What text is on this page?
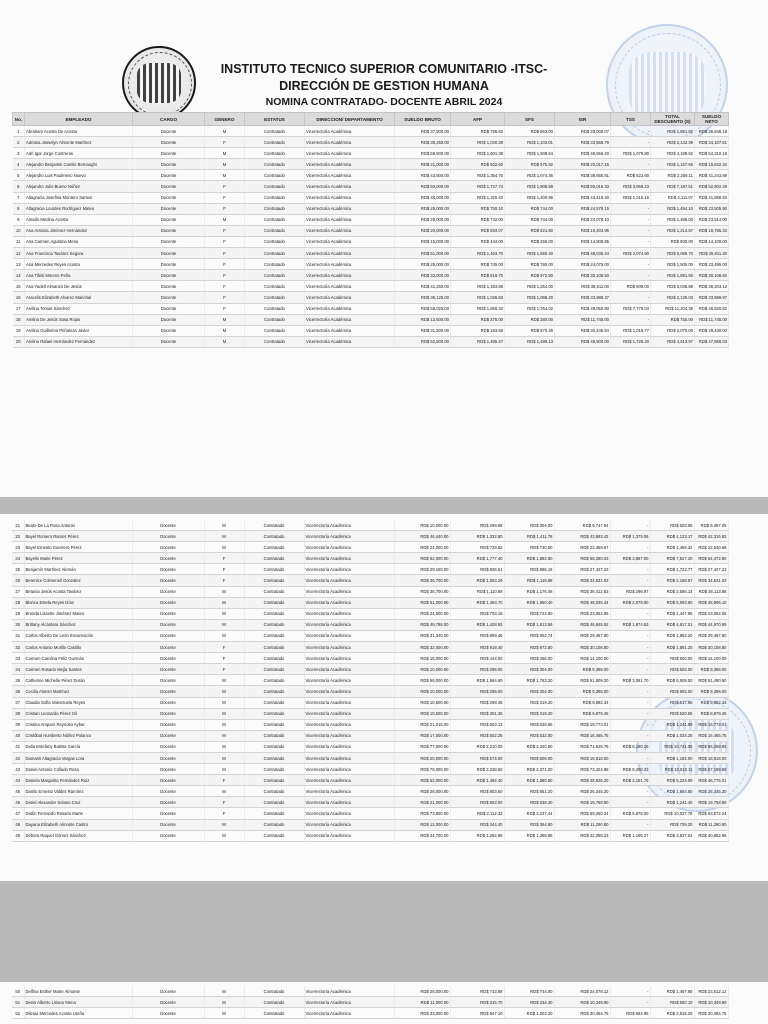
INSTITUTO TECNICO SUPERIOR COMUNITARIO -ITSC-
DIRECCIÓN DE GESTION HUMANA
NOMINA CONTRATADO- DOCENTE ABRIL 2024
No.	EMPLEADO	CARGO	GENERO	ESTATUS	DIRECCION/ DEPARTAMENTO	SUELDO BRUTO	AFP	SFS	ISR	TSS	TOTAL DESCUENTO (S)	SUELDO NETO
1	Abraham Acosta De Acosta	Docente	M	Contratado	Vicerrectoría Académica	RD$ 37,500.00	RD$ 788.82	RD$ 863.00	RD$ 29,000.07	-	RD$ 1,651.82	RD$ 35,848.18
2	Adriana Josselyn Almonte Martínez	Docente	F	Contratado	Vicerrectoría Académica	RD$ 36,250.00	RD$ 1,040.38	RD$ 1,102.01	RD$ 33,566.79	-	RD$ 2,142.39	RD$ 34,107.61
3	Adri Igor Jorge Contreras	Docente	M	Contratado	Vicerrectoría Académica	RD$ 58,500.00	RD$ 1,601.38	RD$ 1,508.64	RD$ 48,556.40	RD$ 1,079.80	RD$ 4,189.82	RD$ 54,310.18
4	Alejandro Benjamin Camilo Bernaughi	Docente	M	Contratado	Vicerrectoría Académica	RD$ 21,000.00	RD$ 602.60	RD$ 575.92	RD$ 20,017.15	-	RD$ 1,157.66	RD$ 19,842.34
5	Alejandro Luis Paulmeno Nuevo	Docente	M	Contratado	Vicerrectoría Académica	RD$ 43,500.00	RD$ 1,354.75	RD$ 1,074.36	RD$ 38,660.81	RD$ 622.60	RD$ 2,256.11	RD$ 41,243.89
6	Alejandro Julio Bueno Núñez	Docente	F	Contratado	Vicerrectoría Académica	RD$ 60,000.00	RD$ 1,727.74	RD$ 1,808.58	RD$ 50,016.33	RD$ 3,859.23	RD$ 7,197.51	RD$ 52,802.49
7	Altagracia Josefina Montero Santos	Docente	F	Contratado	Vicerrectoría Académica	RD$ 46,000.00	RD$ 1,320.40	RD$ 1,400.96	RD$ 43,418.40	RD$ 1,315.16	RD$ 4,111.07	RD$ 41,888.93
8	Altagracia Lourdes Rodríguez Mateo	Docente	F	Contratado	Vicerrectoría Académica	RD$ 25,000.00	RD$ 750.10	RD$ 744.00	RD$ 24,578.15	-	RD$ 1,494.10	RD$ 23,505.90
9	Amado Medina Acosta	Docente	M	Contratado	Vicerrectoría Académica	RD$ 25,000.00	RD$ 742.00	RD$ 744.00	RD$ 24,078.10	-	RD$ 1,486.00	RD$ 23,514.00
10	Ana Antonia Jiménez Hernández	Docente	F	Contratado	Vicerrectoría Académica	RD$ 20,000.00	RD$ 593.07	RD$ 621.60	RD$ 19,403.95	-	RD$ 1,214.67	RD$ 18,785.33
11	Ana Carmen Agustina Mesa	Docente	F	Contratado	Vicerrectoría Académica	RD$ 15,000.00	RD$ 444.00	RD$ 456.00	RD$ 14,808.95	-	RD$ 900.00	RD$ 14,100.00
12	Ana Francisca Tavárez Segura	Docente	F	Contratado	Vicerrectoría Académica	RD$ 51,000.00	RD$ 1,463.70	RD$ 1,550.40	RD$ 48,035.44	RD$ 2,074.60	RD$ 5,088.70	RD$ 45,911.30
13	Ana Mercedes Reyes Acosta	Docente	F	Contratado	Vicerrectoría Académica	RD$ 25,000.00	RD$ 745.00	RD$ 760.00	RD$ 24,075.00	-	RD$ 1,505.00	RD$ 23,495.00
14	Ana Tibisi Moreno Peña	Docente	F	Contratado	Vicerrectoría Académica	RD$ 32,000.00	RD$ 918.70	RD$ 972.80	RD$ 30,108.50	-	RD$ 1,891.50	RD$ 30,108.50
15	Ana Yadell Almanzo De Jesús	Docente	F	Contratado	Vicerrectoría Académica	RD$ 41,250.00	RD$ 1,183.88	RD$ 1,254.00	RD$ 38,811.00	RD$ 609.00	RD$ 3,046.88	RD$ 38,203.12
16	Aracelis Elizabeth Alvarez Marichal	Docente	F	Contratado	Vicerrectoría Académica	RD$ 36,125.00	RD$ 1,036.83	RD$ 1,098.20	RD$ 33,989.37	-	RD$ 2,135.03	RD$ 33,989.97
17	Arelina Tomas Sánchez	Docente	F	Contratado	Vicerrectoría Académica	RD$ 58,025.00	RD$ 1,665.32	RD$ 1,764.02	RD$ 49,050.90	RD$ 7,775.04	RD$ 11,204.38	RD$ 46,820.62
18	Arelino De Jesús Sosa Rojas	Docente	M	Contratado	Vicerrectoría Académica	RD$ 12,500.00	RD$ 375.00	RD$ 380.00	RD$ 11,745.00	-	RD$ 755.00	RD$ 11,745.00
19	Arelino Guillermo Peñaloza Javier	Docente	M	Contratado	Vicerrectoría Académica	RD$ 31,500.00	RD$ 183.68	RD$ 870.48	RD$ 30,445.84	RD$ 1,015.77	RD$ 2,070.00	RD$ 29,430.00
20	Arelino Rafael Hernández Fernández	Docente	M	Contratado	Vicerrectoría Académica	RD$ 52,500.00	RD$ 1,495.47	RD$ 1,486.13	RD$ 48,800.00	RD$ 1,728.20	RD$ 4,613.97	RD$ 47,880.03
21	Beato De La Rosa Antonio	Docente	M	Contratado	Vicerrectoría Académica	RD$ 10,000.00	RD$ 298.95	RD$ 304.00	RD$ 9,747.94	-	RD$ 602.95	RD$ 9,397.05
22	Bayel Romero Ramos Pérez	Docente	M	Contratado	Vicerrectoría Académica	RD$ 46,440.00	RD$ 1,332.80	RD$ 1,411.78	RD$ 43,693.42	RD$ 1,379.06	RD$ 4,123.17	RD$ 42,316.83
23	Bayel Ernesto Guerrero Pérez	Docente	M	Contratado	Vicerrectoría Académica	RD$ 24,000.00	RD$ 728.82	RD$ 730.50	RD$ 22,459.67	-	RD$ 1,459.32	RD$ 22,540.68
24	Bayelis Marie Pérez	Docente	F	Contratado	Vicerrectoría Académica	RD$ 62,000.00	RD$ 1,777.40	RD$ 1,882.80	RD$ 58,280.03	RD$ 3,867.00	RD$ 7,527.20	RD$ 54,472.80
25	Benjamín Martínez Alemán	Docente	F	Contratado	Vicerrectoría Académica	RD$ 29,150.00	RD$ 836.61	RD$ 886.16	RD$ 27,427.23	-	RD$ 1,722.77	RD$ 27,427.23
26	Berenice Colmenell Gonzalez	Docente	F	Contratado	Vicerrectoría Académica	RD$ 36,700.00	RD$ 1,053.29	RD$ 1,115.68	RD$ 34,531.03	-	RD$ 2,168.97	RD$ 34,531.03
27	Betania Jesús Acosta Tavárez	Docente	M	Contratado	Vicerrectoría Académica	RD$ 38,700.00	RD$ 1,110.69	RD$ 1,176.48	RD$ 36,412.83	RD$ 298.97	RD$ 2,586.14	RD$ 36,113.86
28	Blanca Estela Reyes Díaz	Docente	M	Contratado	Vicerrectoría Académica	RD$ 51,000.00	RD$ 1,463.70	RD$ 1,550.40	RD$ 48,035.44	RD$ 2,079.80	RD$ 5,093.90	RD$ 45,906.10
29	Brenda Lissette Jiménez Mateo	Docente	M	Contratado	Vicerrectoría Académica	RD$ 24,500.00	RD$ 703.15	RD$ 744.80	RD$ 23,052.05	-	RD$ 1,447.95	RD$ 23,052.05
30	Brittany Alcántara Sánchez	Docente	M	Contratado	Vicerrectoría Académica	RD$ 49,788.00	RD$ 1,428.92	RD$ 1,513.56	RD$ 46,845.52	RD$ 1,874.53	RD$ 4,817.01	RD$ 44,970.99
31	Carlos Alberto De León Encarnación	Docente	M	Contratado	Vicerrectoría Académica	RD$ 31,340.00	RD$ 899.46	RD$ 952.74	RD$ 29,487.80	-	RD$ 1,852.20	RD$ 29,487.80
32	Carlos Antonio Morillo Castillo	Docente	F	Contratado	Vicerrectoría Académica	RD$ 32,000.00	RD$ 918.40	RD$ 972.80	RD$ 30,108.80	-	RD$ 1,891.20	RD$ 30,108.80
33	Carmen Carolina Feliz Guzmán	Docente	F	Contratado	Vicerrectoría Académica	RD$ 15,000.00	RD$ 444.00	RD$ 456.00	RD$ 14,100.00	-	RD$ 900.00	RD$ 14,100.00
34	Carmen Rosario Mejía Santos	Docente	F	Contratado	Vicerrectoría Académica	RD$ 10,000.00	RD$ 298.00	RD$ 304.00	RD$ 9,398.00	-	RD$ 602.00	RD$ 9,398.00
35	Catherine Michelle Pérez Durán	Docente	M	Contratado	Vicerrectoría Académica	RD$ 58,000.00	RD$ 1,664.60	RD$ 1,763.20	RD$ 51,609.20	RD$ 3,081.70	RD$ 6,509.50	RD$ 51,490.50
36	Cecilia Alonso Martínez	Docente	M	Contratado	Vicerrectoría Académica	RD$ 10,000.00	RD$ 298.00	RD$ 304.00	RD$ 9,398.00	-	RD$ 602.00	RD$ 9,398.00
37	Claudia Sofía Valenzuela Reyes	Docente	M	Contratado	Vicerrectoría Académica	RD$ 10,500.00	RD$ 298.46	RD$ 319.20	RD$ 9,882.34	-	RD$ 617.66	RD$ 9,882.34
38	Cristian Leonardo Pérez Gil	Docente	M	Contratado	Vicerrectoría Académica	RD$ 10,500.00	RD$ 301.35	RD$ 319.20	RD$ 9,879.45	-	RD$ 620.55	RD$ 9,879.45
39	Cristina Amparo Reynoso Aybar	Docente	M	Contratado	Vicerrectoría Académica	RD$ 21,015.00	RD$ 603.13	RD$ 638.86	RD$ 19,773.01	-	RD$ 1,241.99	RD$ 19,773.01
40	Cristóbal Humberto Núñez Polanco	Docente	M	Contratado	Vicerrectoría Académica	RD$ 17,500.00	RD$ 502.25	RD$ 532.00	RD$ 16,465.75	-	RD$ 1,034.25	RD$ 16,465.75
41	Dalia Estefany Batista García	Docente	M	Contratado	Vicerrectoría Académica	RD$ 77,000.00	RD$ 2,210.00	RD$ 2,340.80	RD$ 71,628.75	RD$ 6,190.25	RD$ 10,741.05	RD$ 66,258.95
42	Damaris Altagracia Vargas Lora	Docente	M	Contratado	Vicerrectoría Académica	RD$ 20,000.00	RD$ 574.00	RD$ 608.00	RD$ 18,818.00	-	RD$ 1,182.00	RD$ 18,818.00
43	Daniel Antonio Collado Rosa	Docente	M	Contratado	Vicerrectoría Académica	RD$ 78,000.00	RD$ 2,238.60	RD$ 2,371.20	RD$ 73,424.98	RD$ 6,200.31	RD$ 10,810.11	RD$ 67,189.89
44	Daniela Margarita Fernández Ruiz	Docente	F	Contratado	Vicerrectoría Académica	RD$ 52,000.00	RD$ 1,492.40	RD$ 1,580.80	RD$ 48,926.20	RD$ 2,151.79	RD$ 5,224.99	RD$ 46,775.01
45	Danilo Ernesto Valdez Ramírez	Docente	M	Contratado	Vicerrectoría Académica	RD$ 28,000.00	RD$ 803.60	RD$ 851.20	RD$ 26,345.20	-	RD$ 1,654.80	RD$ 26,345.20
46	Dariel Alexander Solano Cruz	Docente	F	Contratado	Vicerrectoría Académica	RD$ 21,000.00	RD$ 603.00	RD$ 638.40	RD$ 19,758.60	-	RD$ 1,241.40	RD$ 19,758.60
47	Darlin Fernando Rosario Marte	Docente	F	Contratado	Vicerrectoría Académica	RD$ 73,600.00	RD$ 2,112.32	RD$ 2,237.44	RD$ 69,250.24	RD$ 5,678.00	RD$ 10,027.76	RD$ 63,572.24
48	Dayana Elizabeth Almonte Castro	Docente	M	Contratado	Vicerrectoría Académica	RD$ 12,000.00	RD$ 344.40	RD$ 364.80	RD$ 11,290.80	-	RD$ 709.20	RD$ 11,290.80
49	Débora Raquel Gómez Sánchez	Docente	M	Contratado	Vicerrectoría Académica	RD$ 44,700.00	RD$ 1,282.89	RD$ 1,358.88	RD$ 42,058.23	RD$ 1,195.27	RD$ 3,837.04	RD$ 40,862.96
50	Delfina Esther Marte Almonte	Docente	M	Contratado	Vicerrectoría Académica	RD$ 25,000.00	RD$ 743.88	RD$ 744.00	RD$ 24,078.12	-	RD$ 1,487.88	RD$ 23,512.12
51	Denis Alberto Liriano Mena	Docente	M	Contratado	Vicerrectoría Académica	RD$ 11,000.00	RD$ 315.70	RD$ 334.40	RD$ 10,349.90	-	RD$ 650.10	RD$ 10,349.90
52	Dilenia Mercedes Acosta Ureña	Docente	M	Contratado	Vicerrectoría Académica	RD$ 33,000.00	RD$ 947.10	RD$ 1,003.20	RD$ 30,484.75	RD$ 564.95	RD$ 2,515.25	RD$ 30,484.75
